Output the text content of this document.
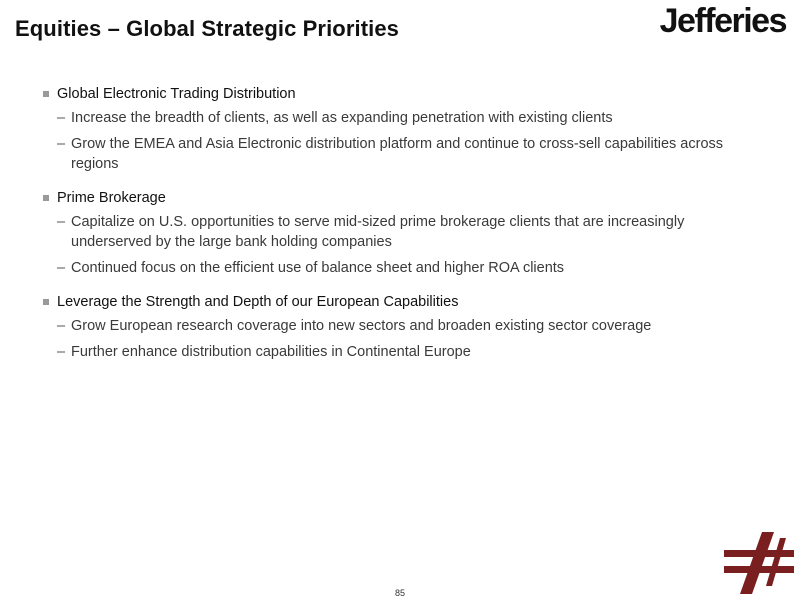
Equities – Global Strategic Priorities	Jefferies
Global Electronic Trading Distribution
– Increase the breadth of clients, as well as expanding penetration with existing clients
– Grow the EMEA and Asia Electronic distribution platform and continue to cross-sell capabilities across regions
Prime Brokerage
– Capitalize on U.S. opportunities to serve mid-sized prime brokerage clients that are increasingly underserved by the large bank holding companies
– Continued focus on the efficient use of balance sheet and higher ROA clients
Leverage the Strength and Depth of our European Capabilities
– Grow European research coverage into new sectors and broaden existing sector coverage
– Further enhance distribution capabilities in Continental Europe
85
